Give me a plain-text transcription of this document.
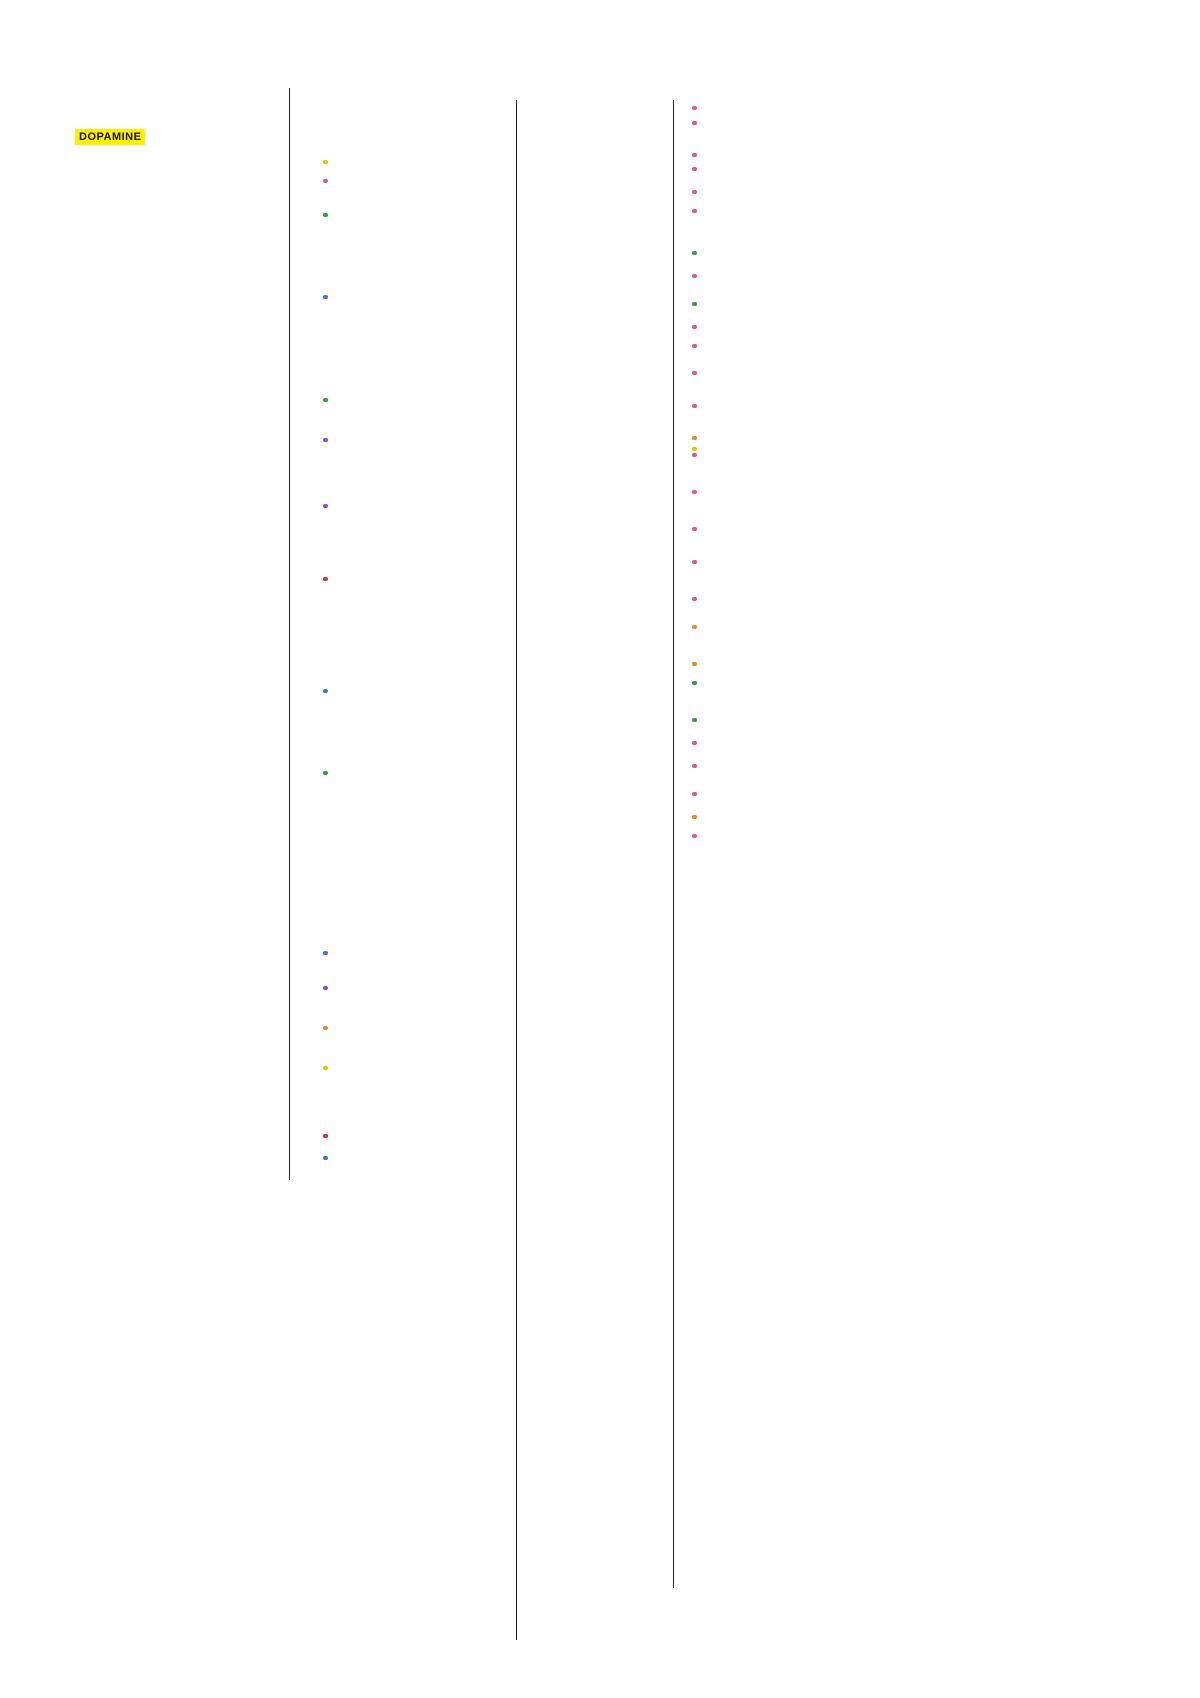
DOPAMINE
